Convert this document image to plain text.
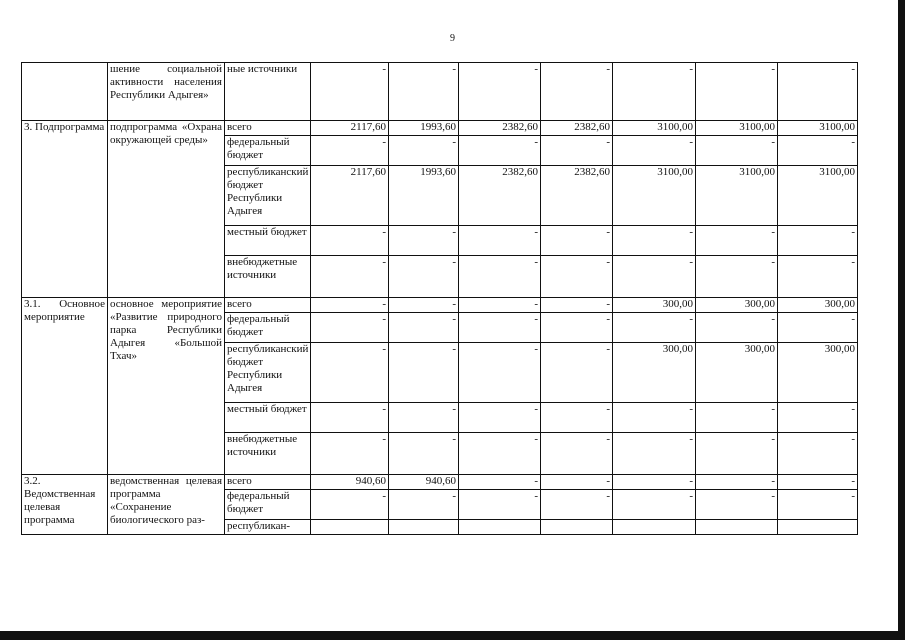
9
	шение социальной активности населения Республики Адыгея»	ные источники	-	-	-	-	-	-	-
3. Подпрограмма	подпрограмма «Охрана окружающей среды»	всего	2117,60	1993,60	2382,60	2382,60	3100,00	3100,00	3100,00
		федеральный бюджет	-	-	-	-	-	-	-
		республиканский бюджет Республики Адыгея	2117,60	1993,60	2382,60	2382,60	3100,00	3100,00	3100,00
		местный бюджет	-	-	-	-	-	-	-
		внебюджетные источники	-	-	-	-	-	-	-
3.1. Основное мероприятие	основное мероприятие «Развитие природного парка Республики Адыгея «Большой Тхач»	всего	-	-	-	-	300,00	300,00	300,00
		федеральный бюджет	-	-	-	-	-	-	-
		республиканский бюджет Республики Адыгея	-	-	-	-	300,00	300,00	300,00
		местный бюджет	-	-	-	-	-	-	-
		внебюджетные источники	-	-	-	-	-	-	-
3.2. Ведомственная целевая программа	ведомственная целевая программа «Сохранение биологического раз-	всего	940,60	940,60	-	-	-	-	-
		федеральный бюджет	-	-	-	-	-	-	-
		республикан-							
